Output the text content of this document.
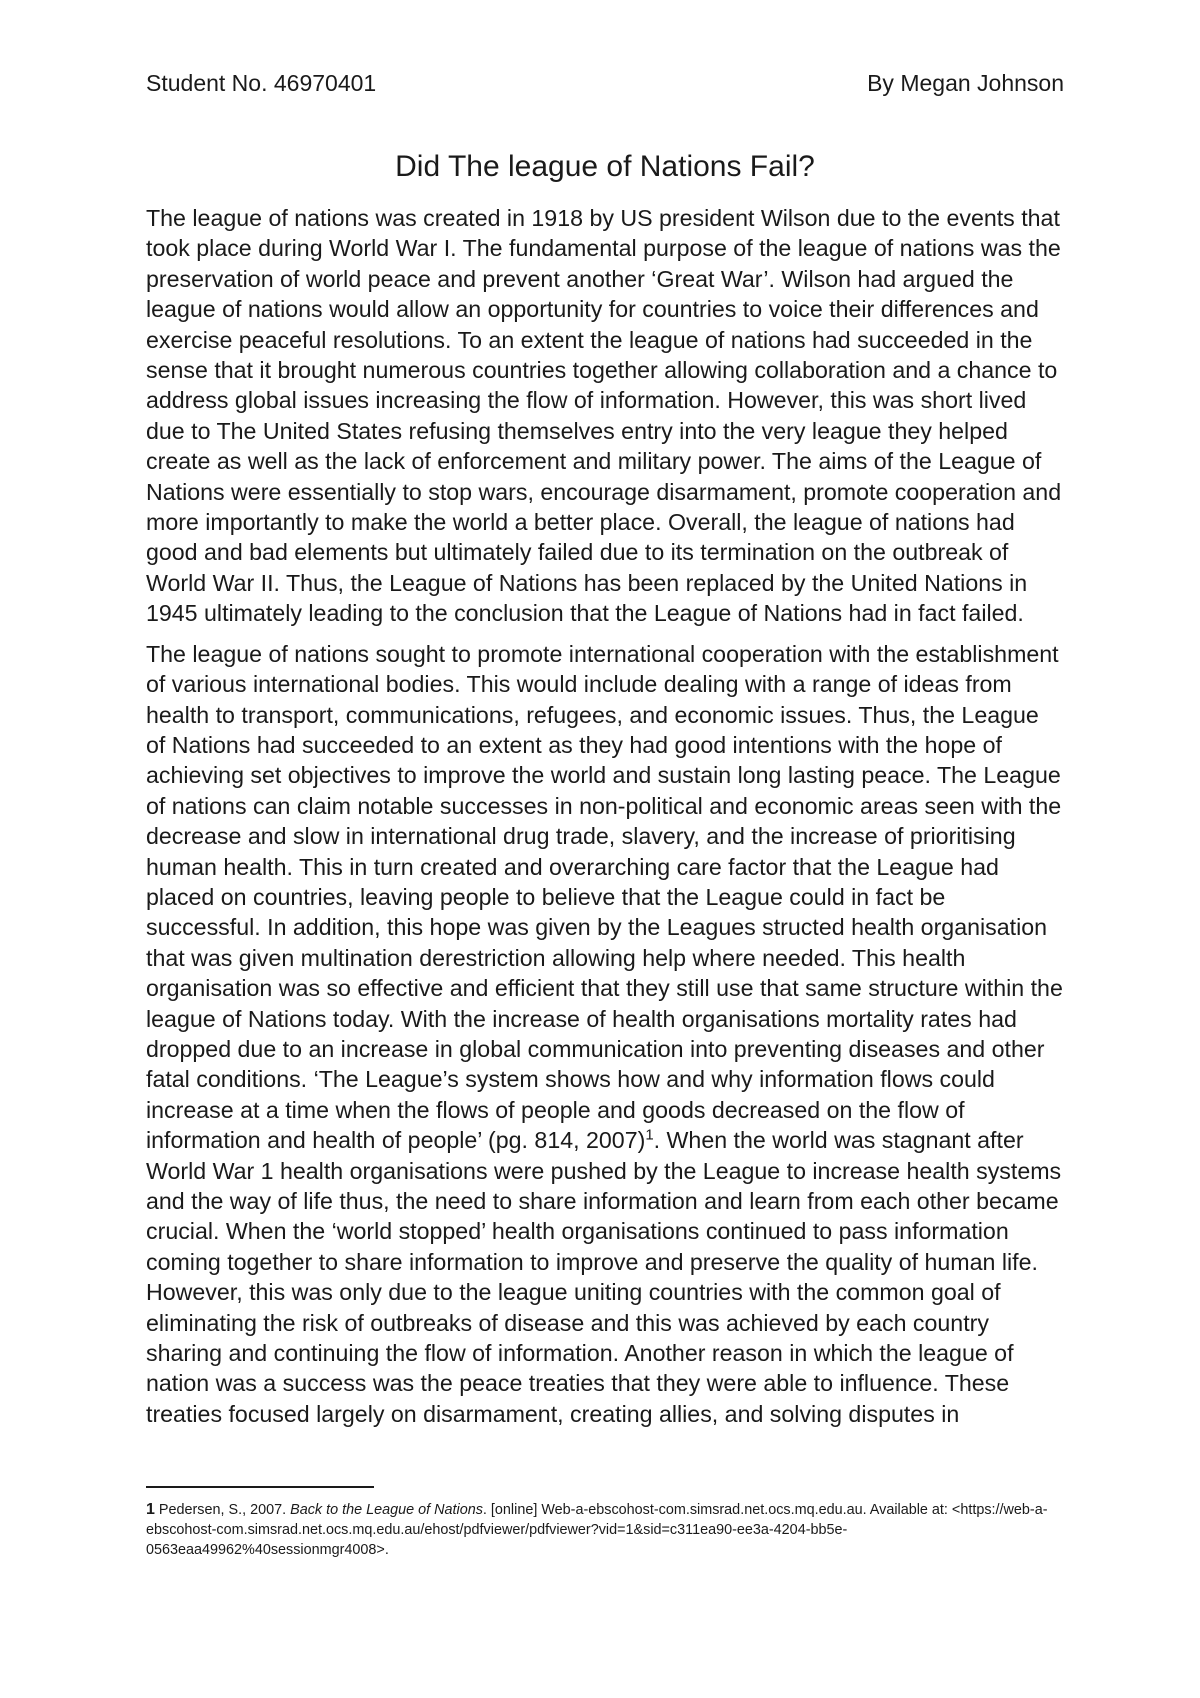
Student No. 46970401	By Megan Johnson
Did The league of Nations Fail?

The league of nations was created in 1918 by US president Wilson due to the events that took place during World War I. The fundamental purpose of the league of nations was the preservation of world peace and prevent another ‘Great War’. Wilson had argued the league of nations would allow an opportunity for countries to voice their differences and exercise peaceful resolutions. To an extent the league of nations had succeeded in the sense that it brought numerous countries together allowing collaboration and a chance to address global issues increasing the flow of information. However, this was short lived due to The United States refusing themselves entry into the very league they helped create as well as the lack of enforcement and military power. The aims of the League of Nations were essentially to stop wars, encourage disarmament, promote cooperation and more importantly to make the world a better place. Overall, the league of nations had good and bad elements but ultimately failed due to its termination on the outbreak of World War II. Thus, the League of Nations has been replaced by the United Nations in 1945 ultimately leading to the conclusion that the League of Nations had in fact failed.

The league of nations sought to promote international cooperation with the establishment of various international bodies. This would include dealing with a range of ideas from health to transport, communications, refugees, and economic issues. Thus, the League of Nations had succeeded to an extent as they had good intentions with the hope of achieving set objectives to improve the world and sustain long lasting peace. The League of nations can claim notable successes in non-political and economic areas seen with the decrease and slow in international drug trade, slavery, and the increase of prioritising human health. This in turn created and overarching care factor that the League had placed on countries, leaving people to believe that the League could in fact be successful. In addition, this hope was given by the Leagues structed health organisation that was given multination derestriction allowing help where needed. This health organisation was so effective and efficient that they still use that same structure within the league of Nations today. With the increase of health organisations mortality rates had dropped due to an increase in global communication into preventing diseases and other fatal conditions. ‘The League’s system shows how and why information flows could increase at a time when the flows of people and goods decreased on the flow of information and health of people’ (pg. 814, 2007)$^1$. When the world was stagnant after World War 1 health organisations were pushed by the League to increase health systems and the way of life thus, the need to share information and learn from each other became crucial. When the ‘world stopped’ health organisations continued to pass information coming together to share information to improve and preserve the quality of human life. However, this was only due to the league uniting countries with the common goal of eliminating the risk of outbreaks of disease and this was achieved by each country sharing and continuing the flow of information. Another reason in which the league of nation was a success was the peace treaties that they were able to influence. These treaties focused largely on disarmament, creating allies, and solving disputes in

1 Pedersen, S., 2007. Back to the League of Nations. [online] Web-a-ebscohost-com.simsrad.net.ocs.mq.edu.au. Available at: <https://web-a-ebscohost-com.simsrad.net.ocs.mq.edu.au/ehost/pdfviewer/pdfviewer?vid=1&sid=c311ea90-ee3a-4204-bb5e-0563eaa49962%40sessionmgr4008>.
